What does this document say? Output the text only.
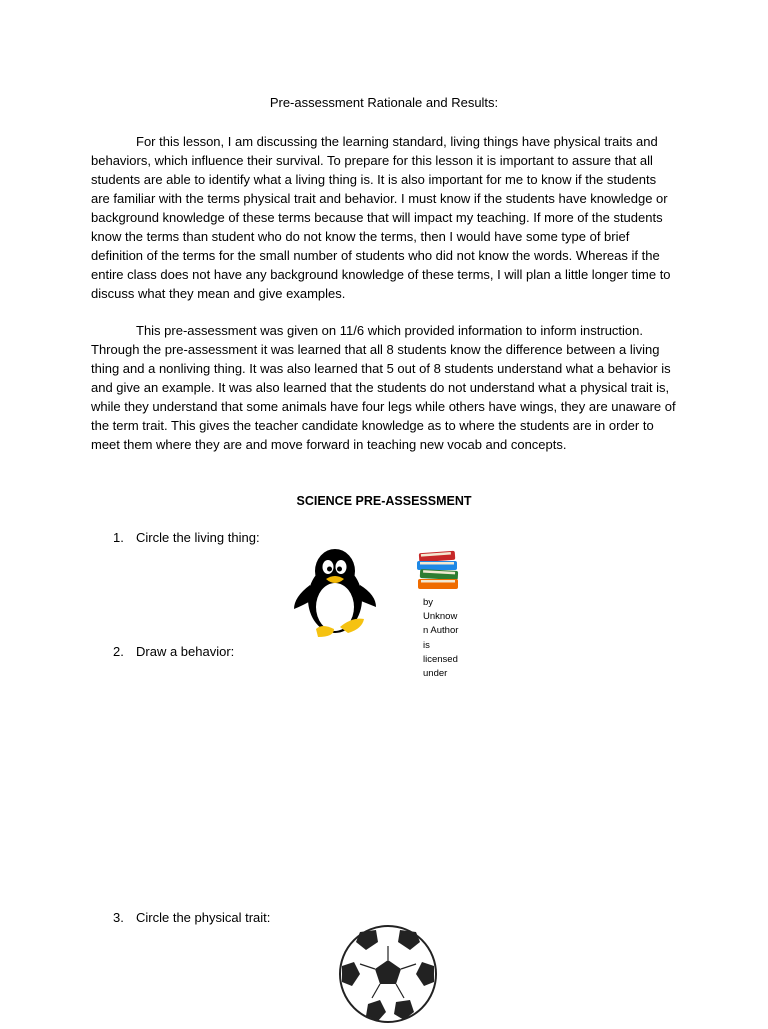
Pre-assessment Rationale and Results:

For this lesson, I am discussing the learning standard, living things have physical traits and behaviors, which influence their survival. To prepare for this lesson it is important to assure that all students are able to identify what a living thing is. It is also important for me to know if the students are familiar with the terms physical trait and behavior. I must know if the students have knowledge or background knowledge of these terms because that will impact my teaching. If more of the students know the terms than student who do not know the terms, then I would have some type of brief definition of the terms for the small number of students who did not know the words. Whereas if the entire class does not have any background knowledge of these terms, I will plan a little longer time to discuss what they mean and give examples.

This pre-assessment was given on 11/6 which provided information to inform instruction. Through the pre-assessment it was learned that all 8 students know the difference between a living thing and a nonliving thing. It was also learned that 5 out of 8 students understand what a behavior is and give an example. It was also learned that the students do not understand what a physical trait is, while they understand that some animals have four legs while others have wings, they are unaware of the term trait. This gives the teacher candidate knowledge as to where the students are in order to meet them where they are and move forward in teaching new vocab and concepts.

SCIENCE PRE-ASSESSMENT
1. Circle the living thing:
by Unknown Author is licensed under
2. Draw a behavior:
3. Circle the physical trait:
